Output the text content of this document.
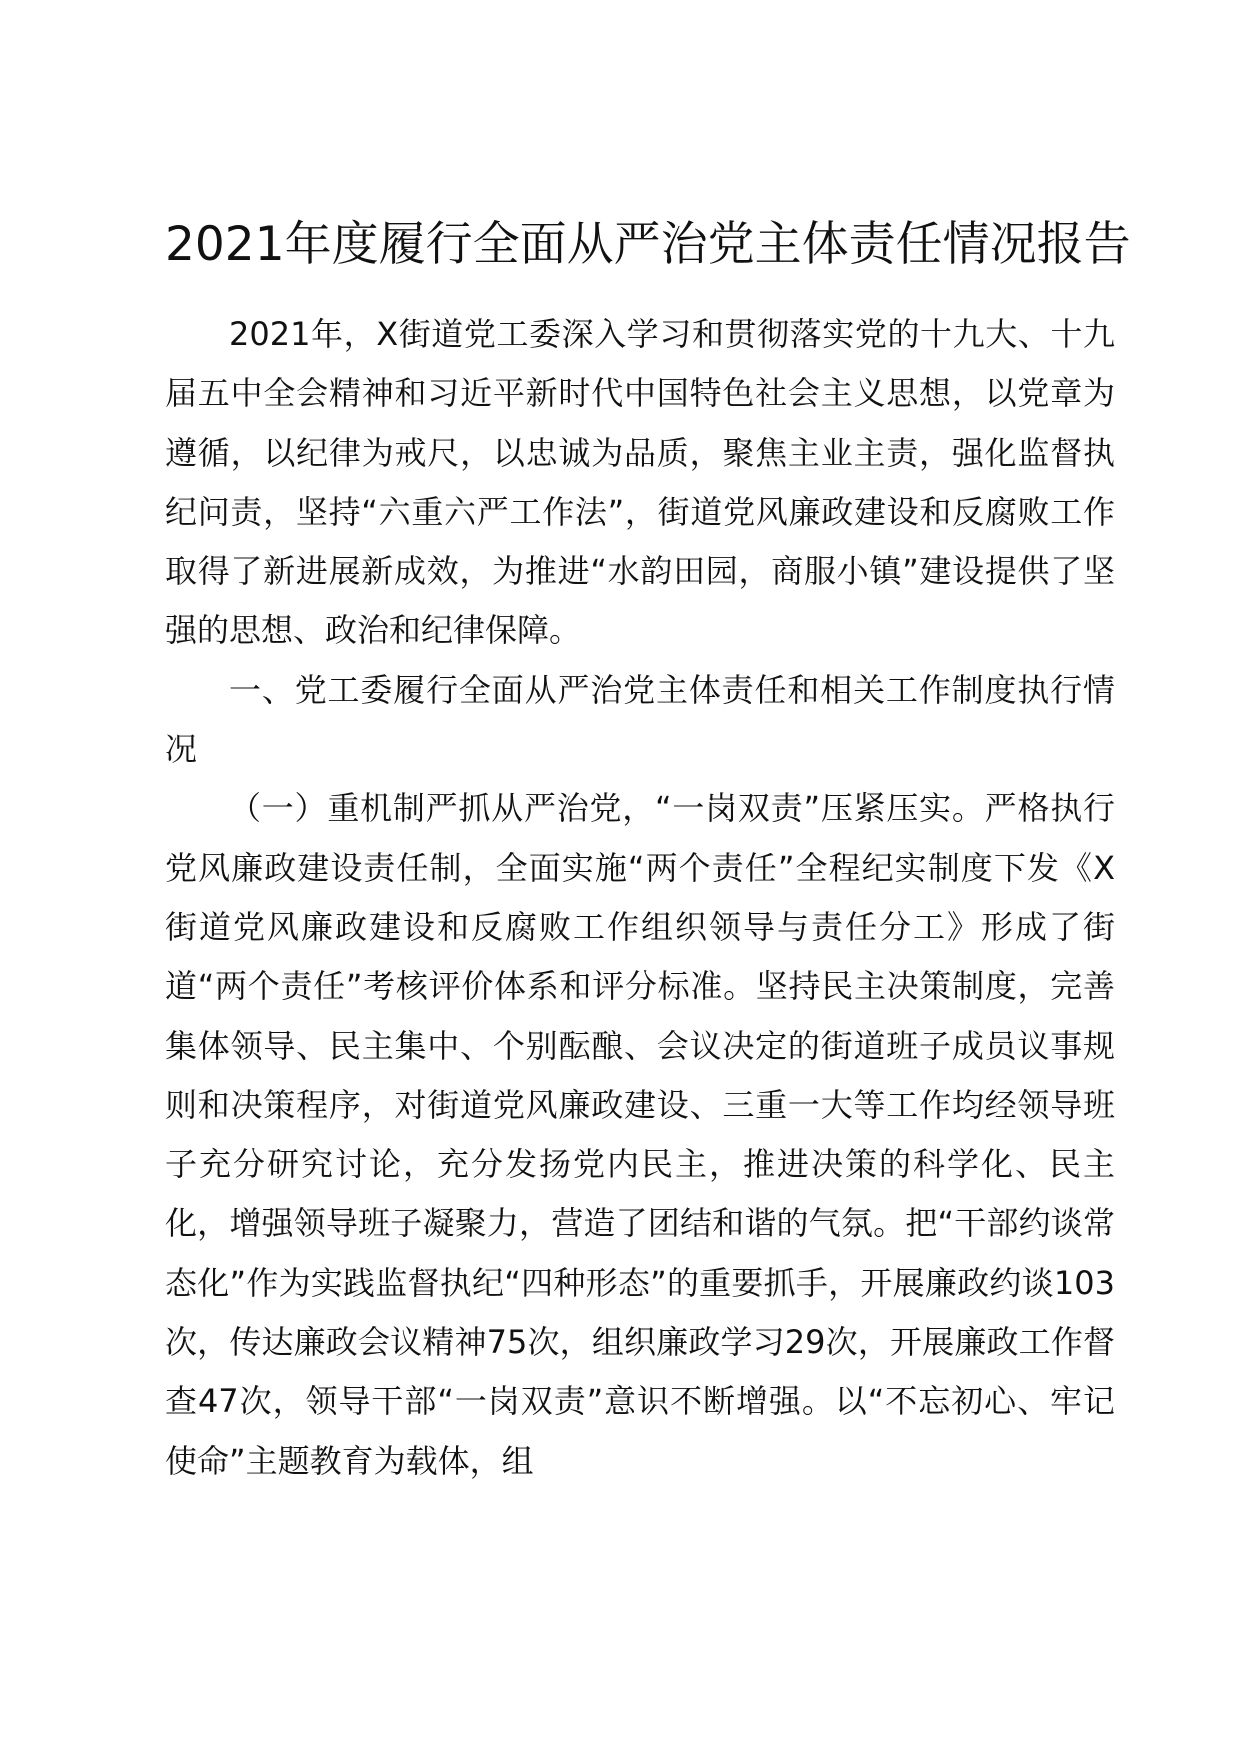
2021年度履行全面从严治党主体责任情况报告

2021年，X街道党工委深入学习和贯彻落实党的十九大、十九届五中全会精神和习近平新时代中国特色社会主义思想，以党章为遵循，以纪律为戒尺，以忠诚为品质，聚焦主业主责，强化监督执纪问责，坚持“六重六严工作法”，街道党风廉政建设和反腐败工作取得了新进展新成效，为推进“水韵田园，商服小镇”建设提供了坚强的思想、政治和纪律保障。

一、党工委履行全面从严治党主体责任和相关工作制度执行情况

（一）重机制严抓从严治党，“一岗双责”压紧压实。严格执行党风廉政建设责任制，全面实施“两个责任”全程纪实制度下发《X街道党风廉政建设和反腐败工作组织领导与责任分工》形成了街道“两个责任”考核评价体系和评分标准。坚持民主决策制度，完善集体领导、民主集中、个别酝酿、会议决定的街道班子成员议事规则和决策程序，对街道党风廉政建设、三重一大等工作均经领导班子充分研究讨论，充分发扬党内民主，推进决策的科学化、民主化，增强领导班子凝聚力，营造了团结和谐的气氛。把“干部约谈常态化”作为实践监督执纪“四种形态”的重要抓手，开展廉政约谈103次，传达廉政会议精神75次，组织廉政学习29次，开展廉政工作督查47次，领导干部“一岗双责”意识不断增强。以“不忘初心、牢记使命”主题教育为载体，组
